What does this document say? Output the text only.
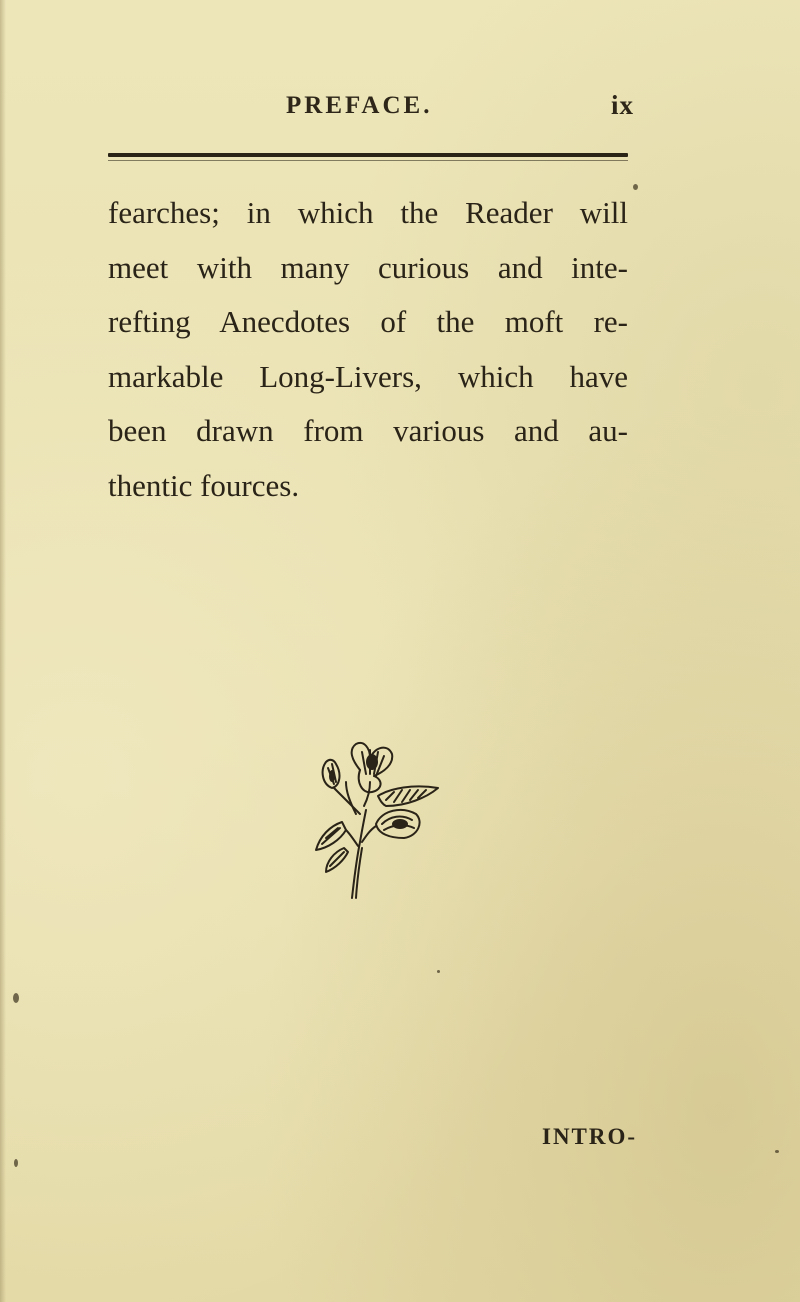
PREFACE.	ix
fearches; in which the Reader will
meet with many curious and inte-
refting Anecdotes of the moft re-
markable Long-Livers, which have
been drawn from various and au-
thentic fources.
INTRO-
